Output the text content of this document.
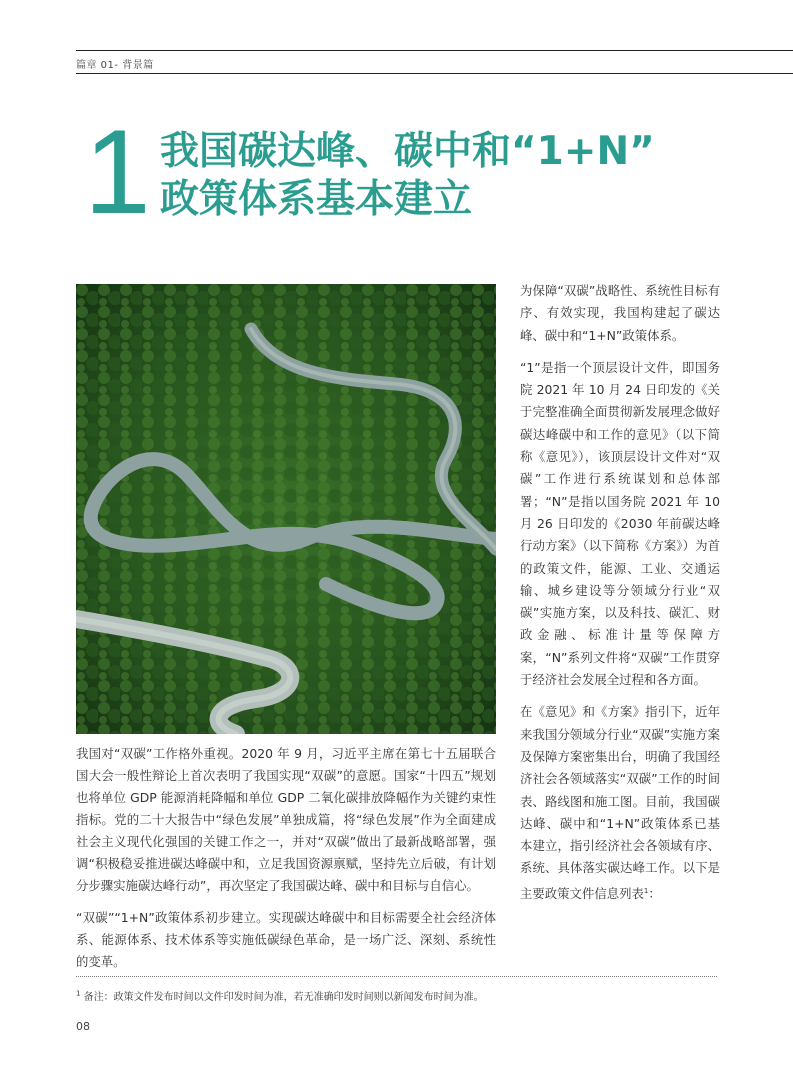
篇章 01- 背景篇
1 我国碳达峰、碳中和“1+N”
政策体系基本建立

我国对“双碳”工作格外重视。2020 年 9 月，习近平主席在第七十五届联合国大会一般性辩论上首次表明了我国实现“双碳”的意愿。国家“十四五”规划也将单位 GDP 能源消耗降幅和单位 GDP 二氧化碳排放降幅作为关键约束性指标。党的二十大报告中“绿色发展”单独成篇，将“绿色发展”作为全面建成社会主义现代化强国的关键工作之一，并对“双碳”做出了最新战略部署，强调“积极稳妥推进碳达峰碳中和，立足我国资源禀赋，坚持先立后破，有计划分步骤实施碳达峰行动”，再次坚定了我国碳达峰、碳中和目标与自信心。

“双碳”“1+N”政策体系初步建立。实现碳达峰碳中和目标需要全社会经济体系、能源体系、技术体系等实施低碳绿色革命，是一场广泛、深刻、系统性的变革。

为保障“双碳”战略性、系统性目标有序、有效实现，我国构建起了碳达峰、碳中和“1+N”政策体系。

“1”是指一个顶层设计文件，即国务院 2021 年 10 月 24 日印发的《关于完整准确全面贯彻新发展理念做好碳达峰碳中和工作的意见》（以下简称《意见》），该顶层设计文件对“双碳”工作进行系统谋划和总体部署；“N”是指以国务院 2021 年 10 月 26 日印发的《2030 年前碳达峰行动方案》（以下简称《方案》）为首的政策文件，能源、工业、交通运输、城乡建设等分领域分行业“双碳”实施方案，以及科技、碳汇、财政金融、标准计量等保障方案，“N”系列文件将“双碳”工作贯穿于经济社会发展全过程和各方面。

在《意见》和《方案》指引下，近年来我国分领域分行业“双碳”实施方案及保障方案密集出台，明确了我国经济社会各领域落实“双碳”工作的时间表、路线图和施工图。目前，我国碳达峰、碳中和“1+N”政策体系已基本建立，指引经济社会各领域有序、系统、具体落实碳达峰工作。以下是主要政策文件信息列表$^1$：

$^1$ 备注：政策文件发布时间以文件印发时间为准，若无准确印发时间则以新闻发布时间为准。
08
